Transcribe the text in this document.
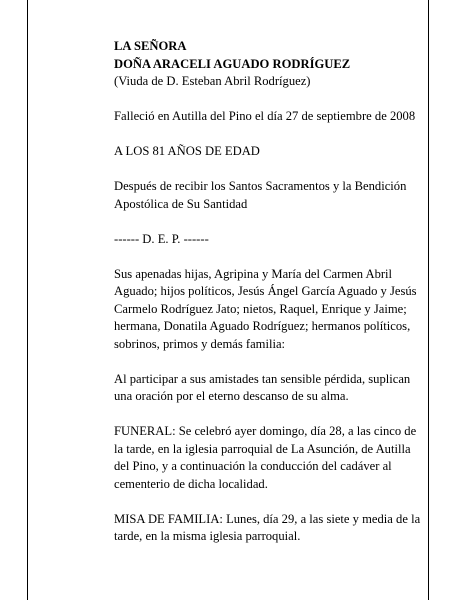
LA SEÑORA
DOÑA ARACELI AGUADO RODRÍGUEZ

(Viuda de D. Esteban Abril Rodríguez)

Falleció en Autilla del Pino el día 27 de septiembre de 2008

A LOS 81 AÑOS DE EDAD

Después de recibir los Santos Sacramentos y la Bendición Apostólica de Su Santidad

------ D. E. P. ------

Sus apenadas hijas, Agripina y María del Carmen Abril Aguado; hijos políticos, Jesús Ángel García Aguado y Jesús Carmelo Rodríguez Jato; nietos, Raquel, Enrique y Jaime; hermana, Donatila Aguado Rodríguez; hermanos políticos, sobrinos, primos y demás familia:

Al participar a sus amistades tan sensible pérdida, suplican una oración por el eterno descanso de su alma.

FUNERAL: Se celebró ayer domingo, día 28, a las cinco de la tarde, en la iglesia parroquial de La Asunción, de Autilla del Pino, y a continuación la conducción del cadáver al cementerio de dicha localidad.

MISA DE FAMILIA: Lunes, día 29, a las siete y media de la tarde, en la misma iglesia parroquial.
